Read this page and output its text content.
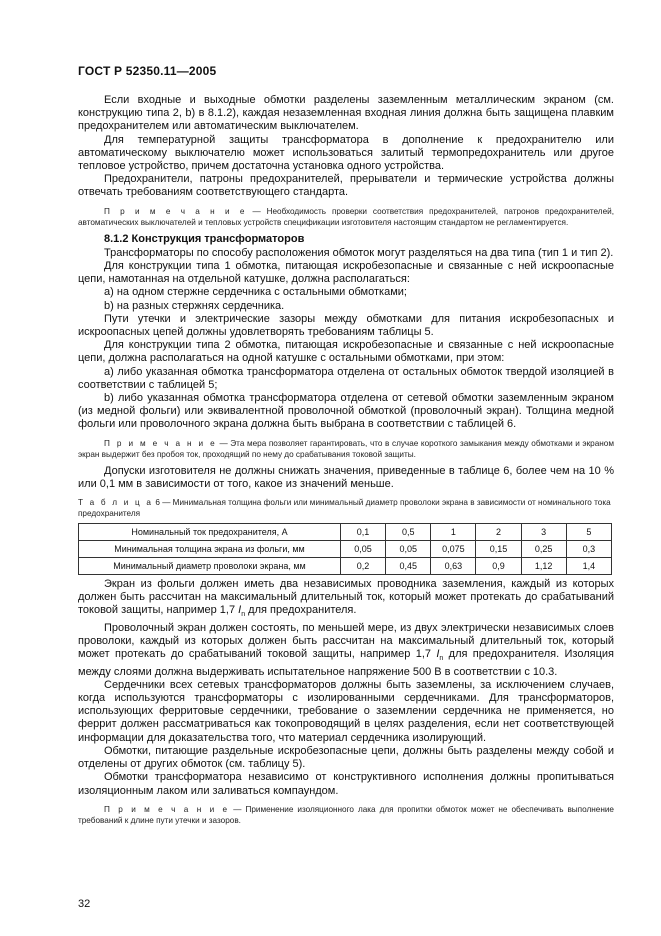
ГОСТ Р 52350.11—2005

Если входные и выходные обмотки разделены заземленным металлическим экраном (см. конструкцию типа 2, b) в 8.1.2), каждая незаземленная входная линия должна быть защищена плавким предохранителем или автоматическим выключателем.

Для температурной защиты трансформатора в дополнение к предохранителю или автоматическому выключателю может использоваться залитый термопредохранитель или другое тепловое устройство, причем достаточна установка одного устройства.

Предохранители, патроны предохранителей, прерыватели и термические устройства должны отвечать требованиям соответствующего стандарта.

П р и м е ч а н и е — Необходимость проверки соответствия предохранителей, патронов предохранителей, автоматических выключателей и тепловых устройств спецификации изготовителя настоящим стандартом не регламентируется.

8.1.2 Конструкция трансформаторов

Трансформаторы по способу расположения обмоток могут разделяться на два типа (тип 1 и тип 2).

Для конструкции типа 1 обмотка, питающая искробезопасные и связанные с ней искроопасные цепи, намотанная на отдельной катушке, должна располагаться:

а) на одном стержне сердечника с остальными обмотками;

b) на разных стержнях сердечника.

Пути утечки и электрические зазоры между обмотками для питания искробезопасных и искроопасных цепей должны удовлетворять требованиям таблицы 5.

Для конструкции типа 2 обмотка, питающая искробезопасные и связанные с ней искроопасные цепи, должна располагаться на одной катушке с остальными обмотками, при этом:

а) либо указанная обмотка трансформатора отделена от остальных обмоток твердой изоляцией в соответствии с таблицей 5;

b) либо указанная обмотка трансформатора отделена от сетевой обмотки заземленным экраном (из медной фольги) или эквивалентной проволочной обмоткой (проволочный экран). Толщина медной фольги или проволочного экрана должна быть выбрана в соответствии с таблицей 6.

П р и м е ч а н и е — Эта мера позволяет гарантировать, что в случае короткого замыкания между обмотками и экраном экран выдержит без пробоя ток, проходящий по нему до срабатывания токовой защиты.

Допуски изготовителя не должны снижать значения, приведенные в таблице 6, более чем на 10 % или 0,1 мм в зависимости от того, какое из значений меньше.

Т а б л и ц а 6 — Минимальная толщина фольги или минимальный диаметр проволоки экрана в зависимости от номинального тока предохранителя
Номинальный ток предохранителя, А	0,1	0,5	1	2	3	5
Минимальная толщина экрана из фольги, мм	0,05	0,05	0,075	0,15	0,25	0,3
Минимальный диаметр проволоки экрана, мм	0,2	0,45	0,63	0,9	1,12	1,4

Экран из фольги должен иметь два независимых проводника заземления, каждый из которых должен быть рассчитан на максимальный длительный ток, который может протекать до срабатываний токовой защиты, например 1,7 $I_n$ для предохранителя.

Проволочный экран должен состоять, по меньшей мере, из двух электрически независимых слоев проволоки, каждый из которых должен быть рассчитан на максимальный длительный ток, который может протекать до срабатываний токовой защиты, например 1,7 $I_n$ для предохранителя. Изоляция между слоями должна выдерживать испытательное напряжение 500 В в соответствии с 10.3.

Сердечники всех сетевых трансформаторов должны быть заземлены, за исключением случаев, когда используются трансформаторы с изолированными сердечниками. Для трансформаторов, использующих ферритовые сердечники, требование о заземлении сердечника не применяется, но феррит должен рассматриваться как токопроводящий в целях разделения, если нет соответствующей информации для доказательства того, что материал сердечника изолирующий.

Обмотки, питающие раздельные искробезопасные цепи, должны быть разделены между собой и отделены от других обмоток (см. таблицу 5).

Обмотки трансформатора независимо от конструктивного исполнения должны пропитываться изоляционным лаком или заливаться компаундом.

П р и м е ч а н и е — Применение изоляционного лака для пропитки обмоток может не обеспечивать выполнение требований к длине пути утечки и зазоров.

32
